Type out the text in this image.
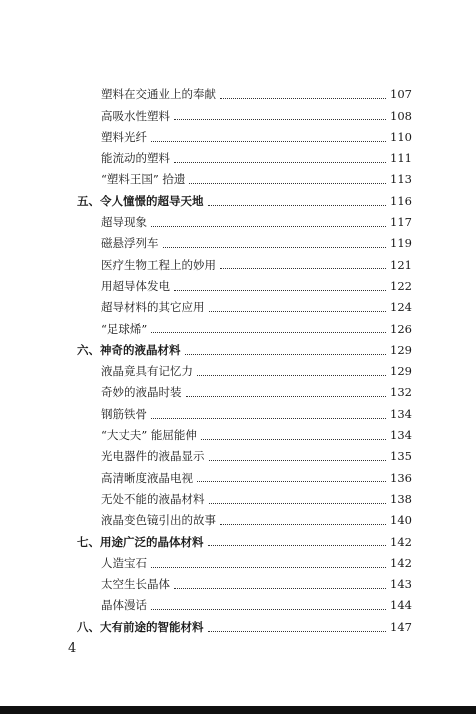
塑料在交通业上的奉献	107
高吸水性塑料	108
塑料光纤	110
能流动的塑料	111
“塑料王国” 拾遗	113
五、令人憧憬的超导天地	116
超导现象	117
磁悬浮列车	119
医疗生物工程上的妙用	121
用超导体发电	122
超导材料的其它应用	124
“足球烯”	126
六、神奇的液晶材料	129
液晶竟具有记忆力	129
奇妙的液晶时装	132
钢筋铁骨	134
“大丈夫” 能屈能伸	134
光电器件的液晶显示	135
高清晰度液晶电视	136
无处不能的液晶材料	138
液晶变色镜引出的故事	140
七、用途广泛的晶体材料	142
人造宝石	142
太空生长晶体	143
晶体漫话	144
八、大有前途的智能材料	147
4
